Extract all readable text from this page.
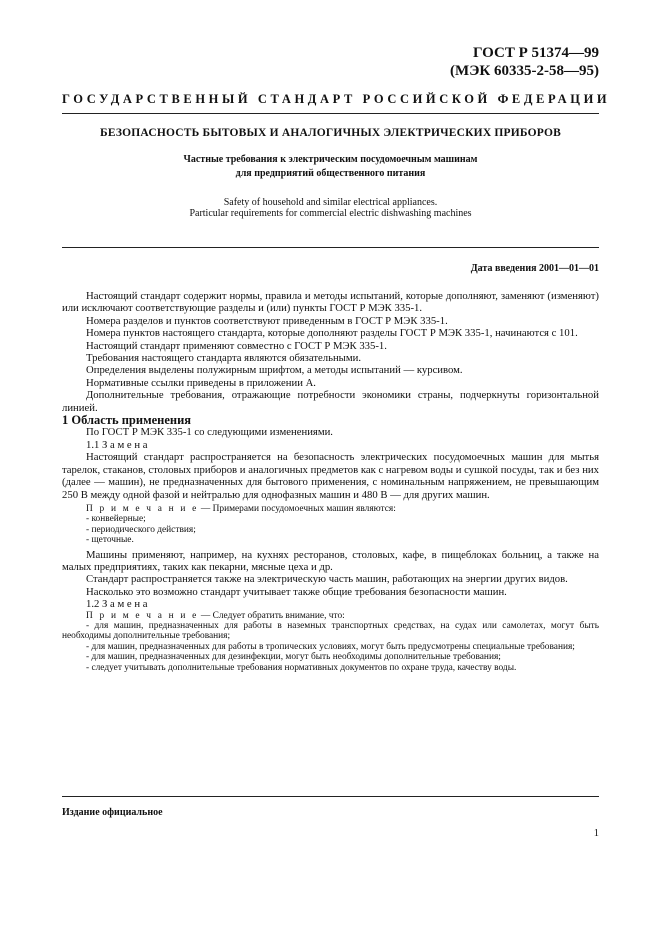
ГОСТ Р 51374—99
(МЭК 60335-2-58—95)
ГОСУДАРСТВЕННЫЙ СТАНДАРТ РОССИЙСКОЙ ФЕДЕРАЦИИ
БЕЗОПАСНОСТЬ БЫТОВЫХ И АНАЛОГИЧНЫХ ЭЛЕКТРИЧЕСКИХ ПРИБОРОВ
Частные требования к электрическим посудомоечным машинам
для предприятий общественного питания
Safety of household and similar electrical appliances.
Particular requirements for commercial electric dishwashing machines
Дата введения 2001—01—01

Настоящий стандарт содержит нормы, правила и методы испытаний, которые дополняют, заменяют (изменяют) или исключают соответствующие разделы и (или) пункты ГОСТ Р МЭК 335-1.

Номера разделов и пунктов соответствуют приведенным в ГОСТ Р МЭК 335-1.

Номера пунктов настоящего стандарта, которые дополняют разделы ГОСТ Р МЭК 335-1, начинаются с 101.

Настоящий стандарт применяют совместно с ГОСТ Р МЭК 335-1.

Требования настоящего стандарта являются обязательными.

Определения выделены полужирным шрифтом, а методы испытаний — курсивом.

Нормативные ссылки приведены в приложении А.

Дополнительные требования, отражающие потребности экономики страны, подчеркнуты горизонтальной линией.

1 Область применения

По ГОСТ Р МЭК 335-1 со следующими изменениями.

1.1 З а м е н а

Настоящий стандарт распространяется на безопасность электрических посудомоечных машин для мытья тарелок, стаканов, столовых приборов и аналогичных предметов как с нагревом воды и сушкой посуды, так и без них (далее — машин), не предназначенных для бытового применения, с номинальным напряжением, не превышающим 250 В между одной фазой и нейтралью для однофазных машин и 480 В — для других машин.

П р и м е ч а н и е — Примерами посудомоечных машин являются:

- конвейерные;
- периодического действия;
- щеточные.

Машины применяют, например, на кухнях ресторанов, столовых, кафе, в пищеблоках больниц, а также на малых предприятиях, таких как пекарни, мясные цеха и др.

Стандарт распространяется также на электрическую часть машин, работающих на энергии других видов.

Насколько это возможно стандарт учитывает также общие требования безопасности машин.

1.2 З а м е н а

П р и м е ч а н и е — Следует обратить внимание, что:

- для машин, предназначенных для работы в наземных транспортных средствах, на судах или самолетах, могут быть необходимы дополнительные требования;
- для машин, предназначенных для работы в тропических условиях, могут быть предусмотрены специальные требования;
- для машин, предназначенных для дезинфекции, могут быть необходимы дополнительные требования;
- следует учитывать дополнительные требования нормативных документов по охране труда, качеству воды.
Издание официальное
1
